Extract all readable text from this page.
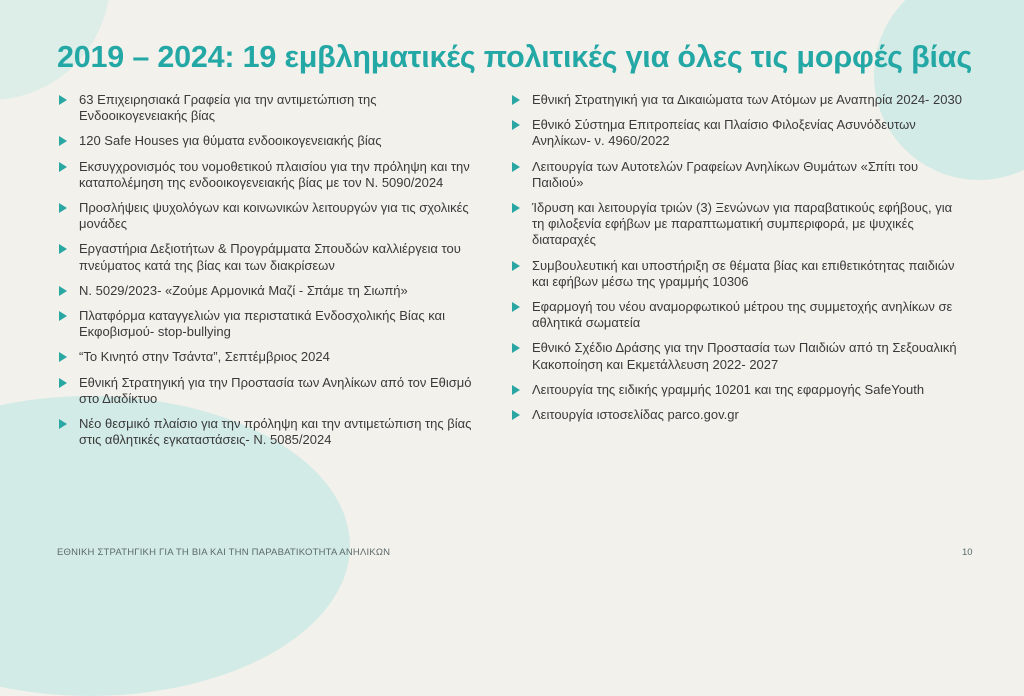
2019 – 2024: 19 εμβληματικές πολιτικές για όλες τις μορφές βίας
63 Επιχειρησιακά Γραφεία για την αντιμετώπιση της Ενδοοικογενειακής βίας
120 Safe Houses για θύματα ενδοοικογενειακής βίας
Εκσυγχρονισμός του νομοθετικού πλαισίου για την πρόληψη και την καταπολέμηση της ενδοοικογενειακής βίας με τον Ν. 5090/2024
Προσλήψεις ψυχολόγων και κοινωνικών λειτουργών για τις σχολικές μονάδες
Εργαστήρια Δεξιοτήτων & Προγράμματα Σπουδών καλλιέργεια του πνεύματος κατά της βίας και των διακρίσεων
Ν. 5029/2023- «Ζούμε Αρμονικά Μαζί - Σπάμε τη Σιωπή»
Πλατφόρμα καταγγελιών για περιστατικά Ενδοσχολικής Βίας και Εκφοβισμού- stop-bullying
“Το Κινητό στην Τσάντα”, Σεπτέμβριος 2024
Εθνική Στρατηγική για την Προστασία των Ανηλίκων από τον Εθισμό στο Διαδίκτυο
Νέο θεσμικό πλαίσιο για την πρόληψη και την αντιμετώπιση της βίας στις αθλητικές εγκαταστάσεις- Ν. 5085/2024
Εθνική Στρατηγική για τα Δικαιώματα των Ατόμων με Αναπηρία 2024- 2030
Εθνικό Σύστημα Επιτροπείας και Πλαίσιο Φιλοξενίας Ασυνόδευτων Ανηλίκων- ν. 4960/2022
Λειτουργία των Αυτοτελών Γραφείων Ανηλίκων Θυμάτων «Σπίτι του Παιδιού»
Ίδρυση και λειτουργία τριών (3) Ξενώνων για παραβατικούς εφήβους, για τη φιλοξενία εφήβων με παραπτωματική συμπεριφορά, με ψυχικές διαταραχές
Συμβουλευτική και υποστήριξη σε θέματα βίας και επιθετικότητας παιδιών και εφήβων μέσω της γραμμής 10306
Εφαρμογή του νέου αναμορφωτικού μέτρου της συμμετοχής ανηλίκων σε αθλητικά σωματεία
Εθνικό Σχέδιο Δράσης για την Προστασία των Παιδιών από τη Σεξουαλική Κακοποίηση και Εκμετάλλευση 2022- 2027
Λειτουργία της ειδικής γραμμής 10201 και της εφαρμογής SafeYouth
Λειτουργία ιστοσελίδας parco.gov.gr
ΕΘΝΙΚΗ ΣΤΡΑΤΗΓΙΚΗ ΓΙΑ ΤΗ ΒΙΑ ΚΑΙ ΤΗΝ ΠΑΡΑΒΑΤΙΚΟΤΗΤΑ ΑΝΗΛΙΚΩΝ	10
